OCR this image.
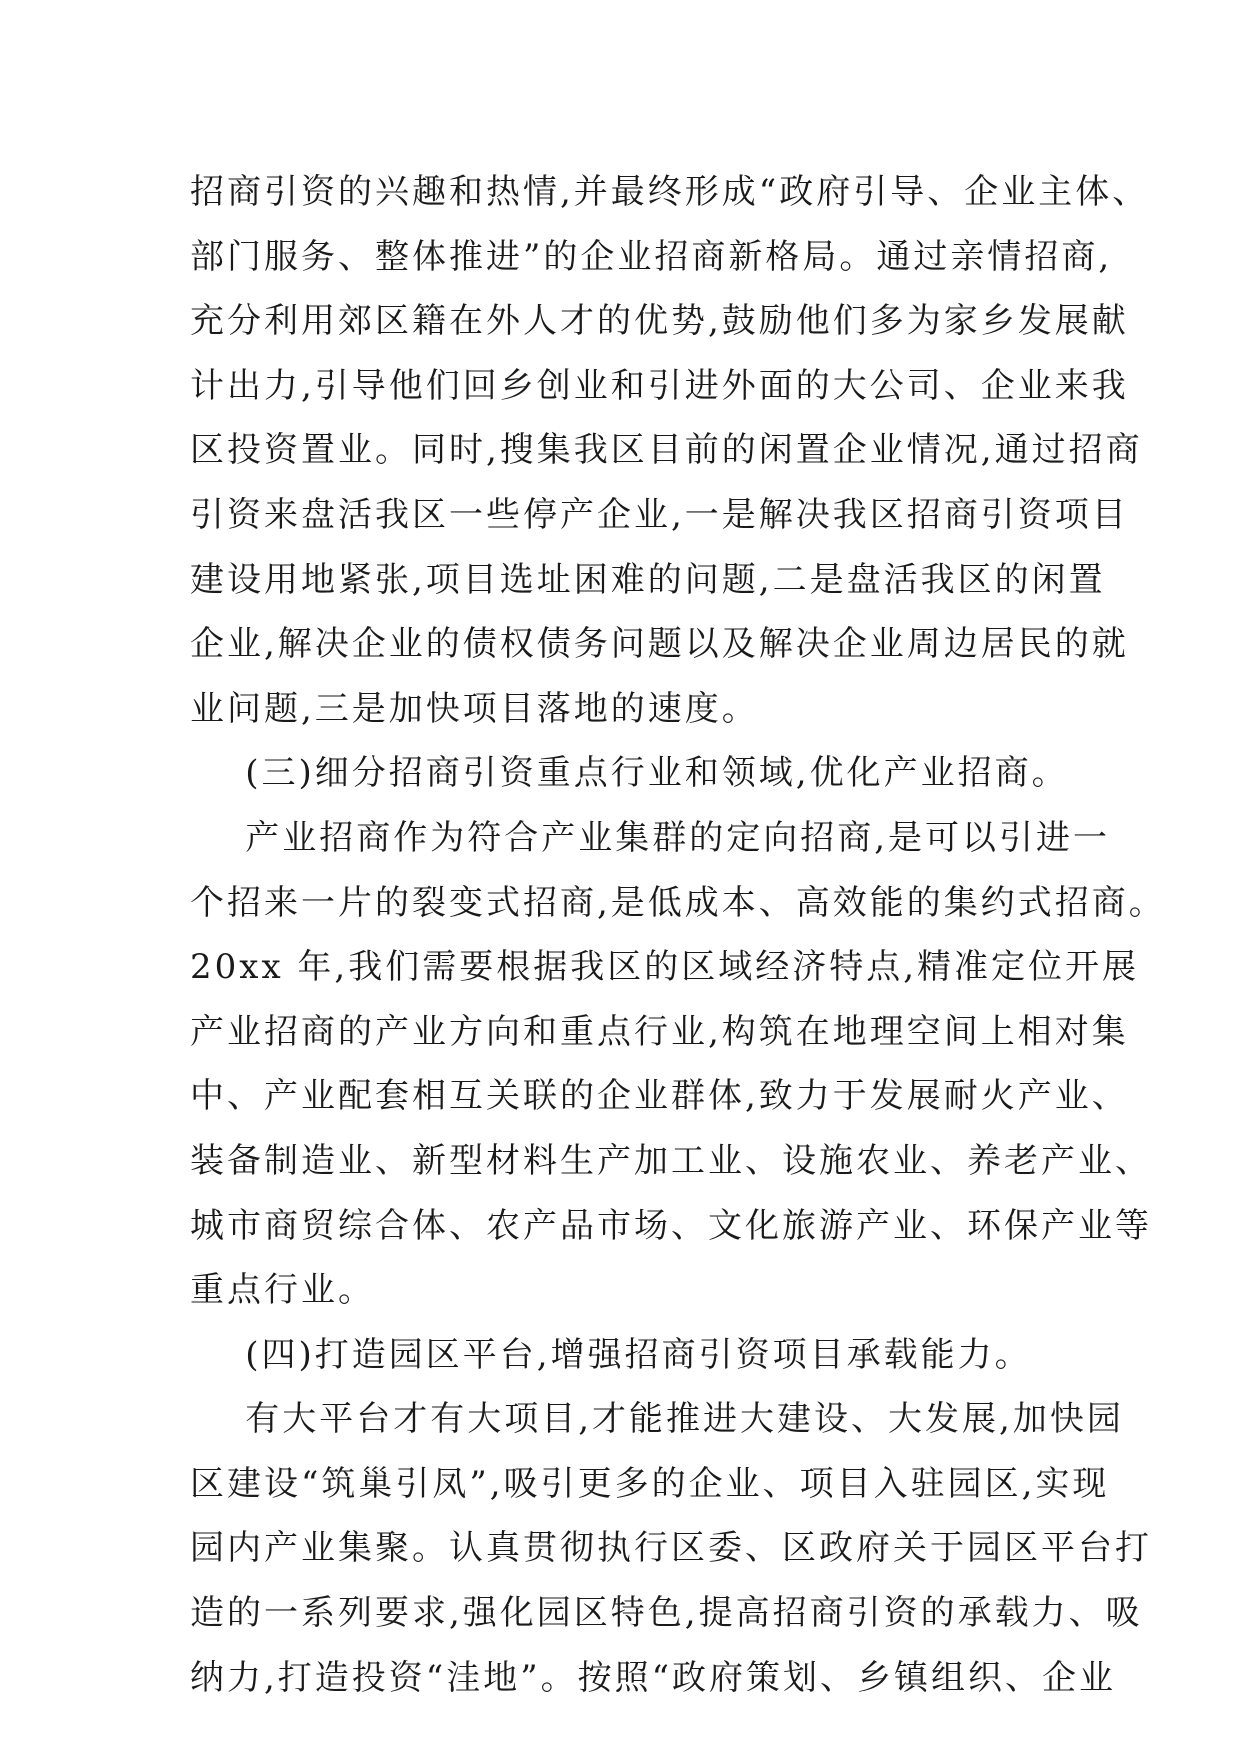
招商引资的兴趣和热情,并最终形成“政府引导、企业主体、
部门服务、整体推进”的企业招商新格局。通过亲情招商,
充分利用郊区籍在外人才的优势,鼓励他们多为家乡发展献
计出力,引导他们回乡创业和引进外面的大公司、企业来我
区投资置业。同时,搜集我区目前的闲置企业情况,通过招商
引资来盘活我区一些停产企业,一是解决我区招商引资项目
建设用地紧张,项目选址困难的问题,二是盘活我区的闲置
企业,解决企业的债权债务问题以及解决企业周边居民的就
业问题,三是加快项目落地的速度。
(三)细分招商引资重点行业和领域,优化产业招商。
产业招商作为符合产业集群的定向招商,是可以引进一
个招来一片的裂变式招商,是低成本、高效能的集约式招商。
20xx 年,我们需要根据我区的区域经济特点,精准定位开展
产业招商的产业方向和重点行业,构筑在地理空间上相对集
中、产业配套相互关联的企业群体,致力于发展耐火产业、
装备制造业、新型材料生产加工业、设施农业、养老产业、
城市商贸综合体、农产品市场、文化旅游产业、环保产业等
重点行业。
(四)打造园区平台,增强招商引资项目承载能力。
有大平台才有大项目,才能推进大建设、大发展,加快园
区建设“筑巢引凤”,吸引更多的企业、项目入驻园区,实现
园内产业集聚。认真贯彻执行区委、区政府关于园区平台打
造的一系列要求,强化园区特色,提高招商引资的承载力、吸
纳力,打造投资“洼地”。按照“政府策划、乡镇组织、企业
